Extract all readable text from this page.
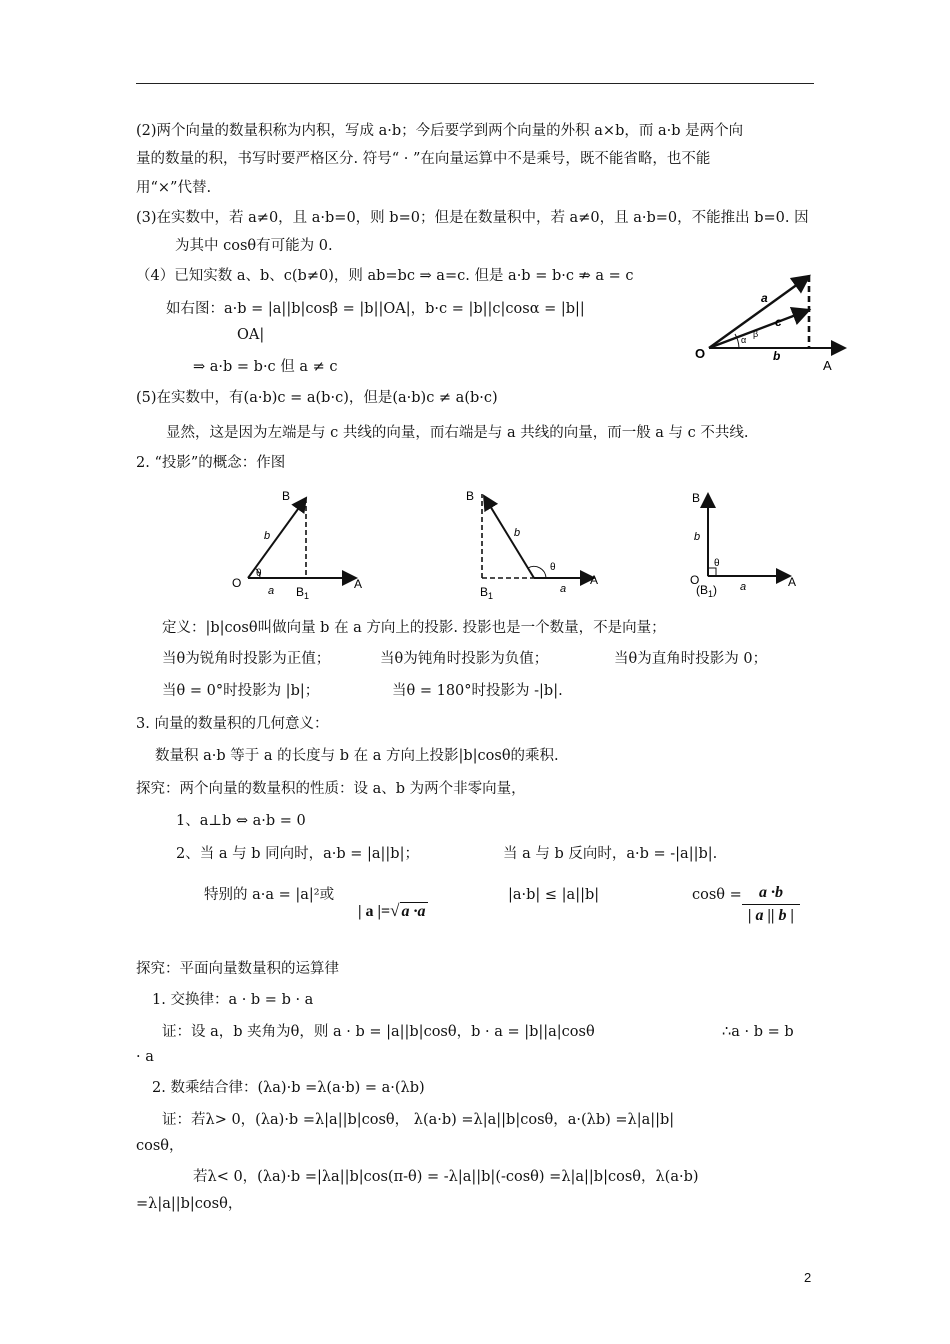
(2)两个向量的数量积称为内积，写成 a·b；今后要学到两个向量的外积 a×b，而 a·b 是两个向
量的数量的积，书写时要严格区分. 符号“ · ”在向量运算中不是乘号，既不能省略，也不能
用“×”代替.
(3)在实数中，若 a≠0，且 a·b=0，则 b=0；但是在数量积中，若 a≠0，且 a·b=0，不能推出 b=0. 因
为其中 cosθ有可能为 0.
（4）已知实数 a、b、c(b≠0)，则 ab=bc ⇒ a=c. 但是 a·b = b·c ⇏ a = c
如右图：a·b = |a||b|cosβ = |b||OA|，b·c = |b||c|cosα = |b||
OA|
⇒ a·b = b·c 但 a ≠ c
(5)在实数中，有(a·b)c = a(b·c)，但是(a·b)c ≠ a(b·c)
显然，这是因为左端是与 c 共线的向量，而右端是与 a 共线的向量，而一般 a 与 c 不共线.
2. “投影”的概念：作图
O
A
a
c
b
β
α
B
b
O
θ
a $B_1$
A
B
b
θ
a
A
$B_1$
B
b
θ
O	a	A
$(B_1)$
定义：|b|cosθ叫做向量 b 在 a 方向上的投影. 投影也是一个数量，不是向量；
当θ为锐角时投影为正值；	当θ为钝角时投影为负值；	当θ为直角时投影为 0；
当θ = 0°时投影为 |b|；	当θ = 180°时投影为 -|b|.
3. 向量的数量积的几何意义：
数量积 a·b 等于 a 的长度与 b 在 a 方向上投影|b|cosθ的乘积.
探究：两个向量的数量积的性质：设 a、b 为两个非零向量，
1、a⊥b ⇔ a·b = 0
2、当 a 与 b 同向时，a·b = |a||b|；	当 a 与 b 反向时，a·b = -|a||b|.
特别的 a·a = |a|²或
| a |=√ a ·a
|a·b| ≤ |a||b|	$\cos\theta = \frac{a \cdot b}{| a || b |}$
探究：平面向量数量积的运算律
1. 交换律：a · b = b · a
证：设 a，b 夹角为θ，则 a · b = |a||b|cosθ，b · a = |b||a|cosθ	∴a · b = b
· a
2. 数乘结合律：(λa)·b =λ(a·b) = a·(λb)
证：若λ> 0，(λa)·b =λ|a||b|cosθ， λ(a·b) =λ|a||b|cosθ，a·(λb) =λ|a||b|
cosθ，
若λ< 0，(λa)·b =|λa||b|cos(π-θ) = -λ|a||b|(-cosθ) =λ|a||b|cosθ，λ(a·b)
=λ|a||b|cosθ，
2
